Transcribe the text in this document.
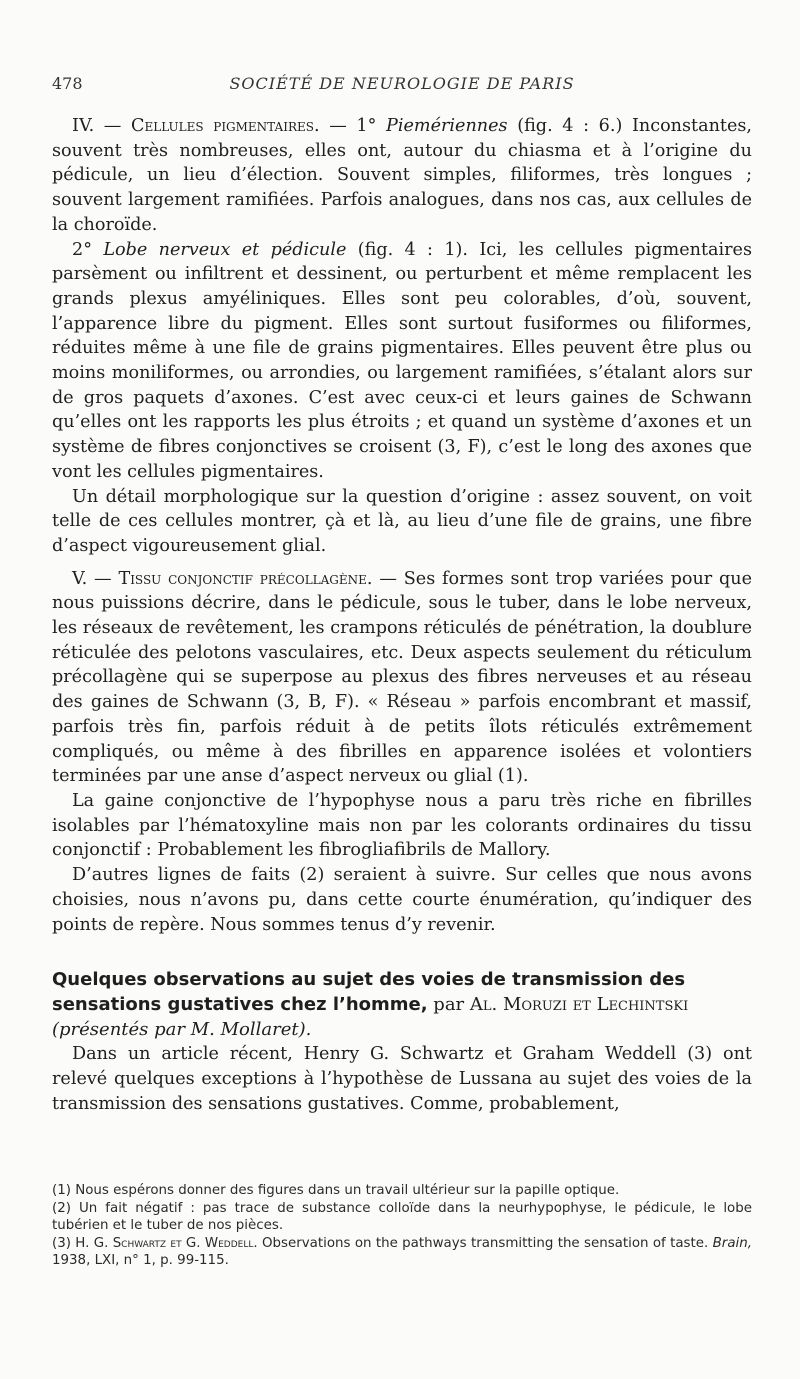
478	SOCIÉTÉ DE NEUROLOGIE DE PARIS

IV. — Cellules pigmentaires. — 1° Piemériennes (fig. 4 : 6.) Inconstantes, souvent très nombreuses, elles ont, autour du chiasma et à l’origine du pédicule, un lieu d’élection. Souvent simples, filiformes, très longues ; souvent largement ramifiées. Parfois analogues, dans nos cas, aux cellules de la choroïde.

2° Lobe nerveux et pédicule (fig. 4 : 1). Ici, les cellules pigmentaires parsèment ou infiltrent et dessinent, ou perturbent et même remplacent les grands plexus amyéliniques. Elles sont peu colorables, d’où, souvent, l’apparence libre du pigment. Elles sont surtout fusiformes ou filiformes, réduites même à une file de grains pigmentaires. Elles peuvent être plus ou moins moniliformes, ou arrondies, ou largement ramifiées, s’étalant alors sur de gros paquets d’axones. C’est avec ceux-ci et leurs gaines de Schwann qu’elles ont les rapports les plus étroits ; et quand un système d’axones et un système de fibres conjonctives se croisent (3, F), c’est le long des axones que vont les cellules pigmentaires.

Un détail morphologique sur la question d’origine : assez souvent, on voit telle de ces cellules montrer, çà et là, au lieu d’une file de grains, une fibre d’aspect vigoureusement glial.

V. — Tissu conjonctif précollagène. — Ses formes sont trop variées pour que nous puissions décrire, dans le pédicule, sous le tuber, dans le lobe nerveux, les réseaux de revêtement, les crampons réticulés de pénétration, la doublure réticulée des pelotons vasculaires, etc. Deux aspects seulement du réticulum précollagène qui se superpose au plexus des fibres nerveuses et au réseau des gaines de Schwann (3, B, F). « Réseau » parfois encombrant et massif, parfois très fin, parfois réduit à de petits îlots réticulés extrêmement compliqués, ou même à des fibrilles en apparence isolées et volontiers terminées par une anse d’aspect nerveux ou glial (1).

La gaine conjonctive de l’hypophyse nous a paru très riche en fibrilles isolables par l’hématoxyline mais non par les colorants ordinaires du tissu conjonctif : Probablement les fibrogliafibrils de Mallory.

D’autres lignes de faits (2) seraient à suivre. Sur celles que nous avons choisies, nous n’avons pu, dans cette courte énumération, qu’indiquer des points de repère. Nous sommes tenus d’y revenir.

Quelques observations au sujet des voies de transmission des sensations gustatives chez l’homme, par Al. Moruzi et Lechintski
(présentés par M. Mollaret).

Dans un article récent, Henry G. Schwartz et Graham Weddell (3) ont relevé quelques exceptions à l’hypothèse de Lussana au sujet des voies de la transmission des sensations gustatives. Comme, probablement,

(1) Nous espérons donner des figures dans un travail ultérieur sur la papille optique.

(2) Un fait négatif : pas trace de substance colloïde dans la neurhypophyse, le pédicule, le lobe tubérien et le tuber de nos pièces.

(3) H. G. Schwartz et G. Weddell. Observations on the pathways transmitting the sensation of taste. Brain, 1938, LXI, n° 1, p. 99-115.
